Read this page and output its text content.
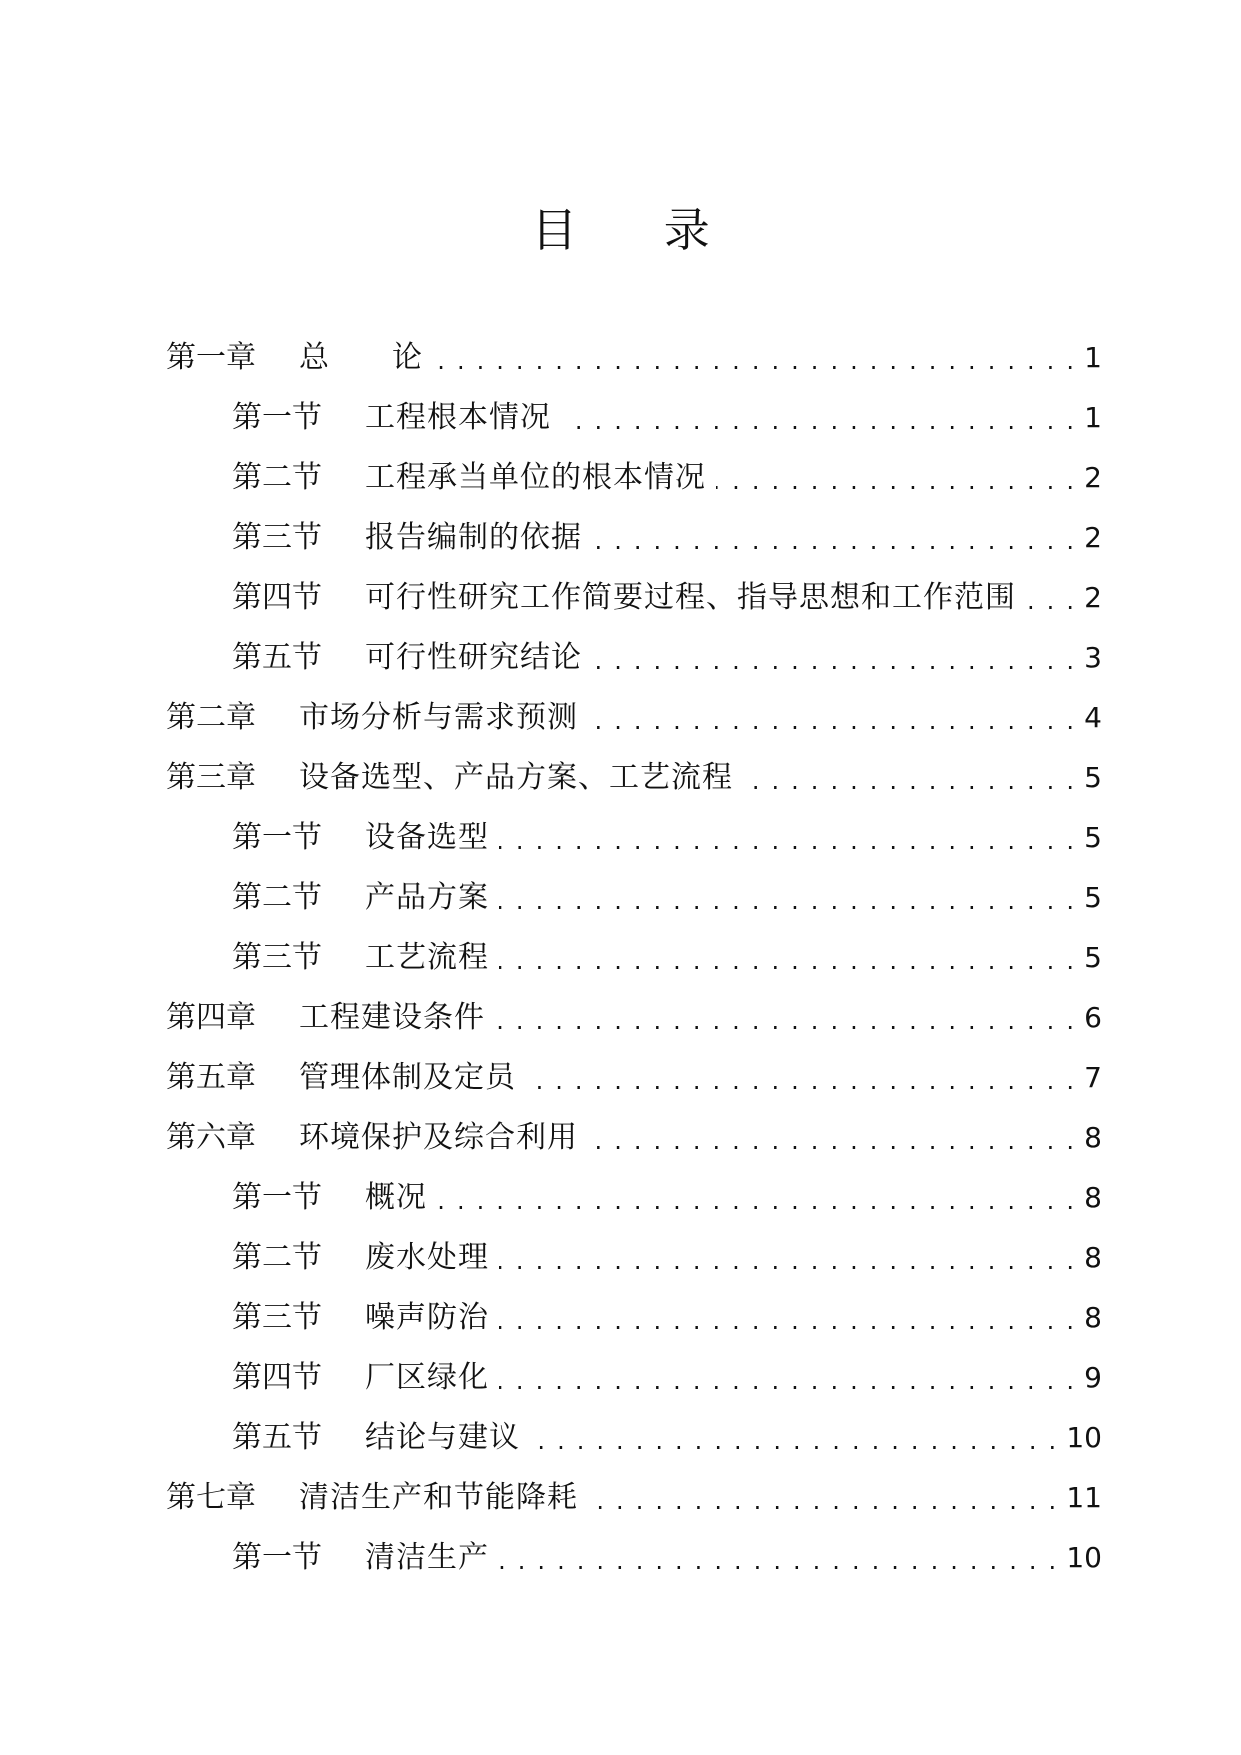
目 录
第一章	总　　论 . . .	1
第一节	工程根本情况 . . .	1
第二节	工程承当单位的根本情况 . . .	2
第三节	报告编制的依据 . . .	2
第四节	可行性研究工作简要过程、指导思想和工作范围 . . . 2
第五节	可行性研究结论 . . .	3
第二章	市场分析与需求预测 . . .	4
第三章	设备选型、产品方案、工艺流程 . . .	5
第一节	设备选型 . . .	5
第二节	产品方案 . . .	5
第三节	工艺流程 . . .	5
第四章	工程建设条件 . . .	6
第五章	管理体制及定员 . . .	7
第六章	环境保护及综合利用 . . .	8
第一节	概况 . . .	8
第二节	废水处理 . . .	8
第三节	噪声防治 . . .	8
第四节	厂区绿化 . . .	9
第五节	结论与建议 . . .	10
第七章	清洁生产和节能降耗 . . .	11
第一节	清洁生产 . . .	10
